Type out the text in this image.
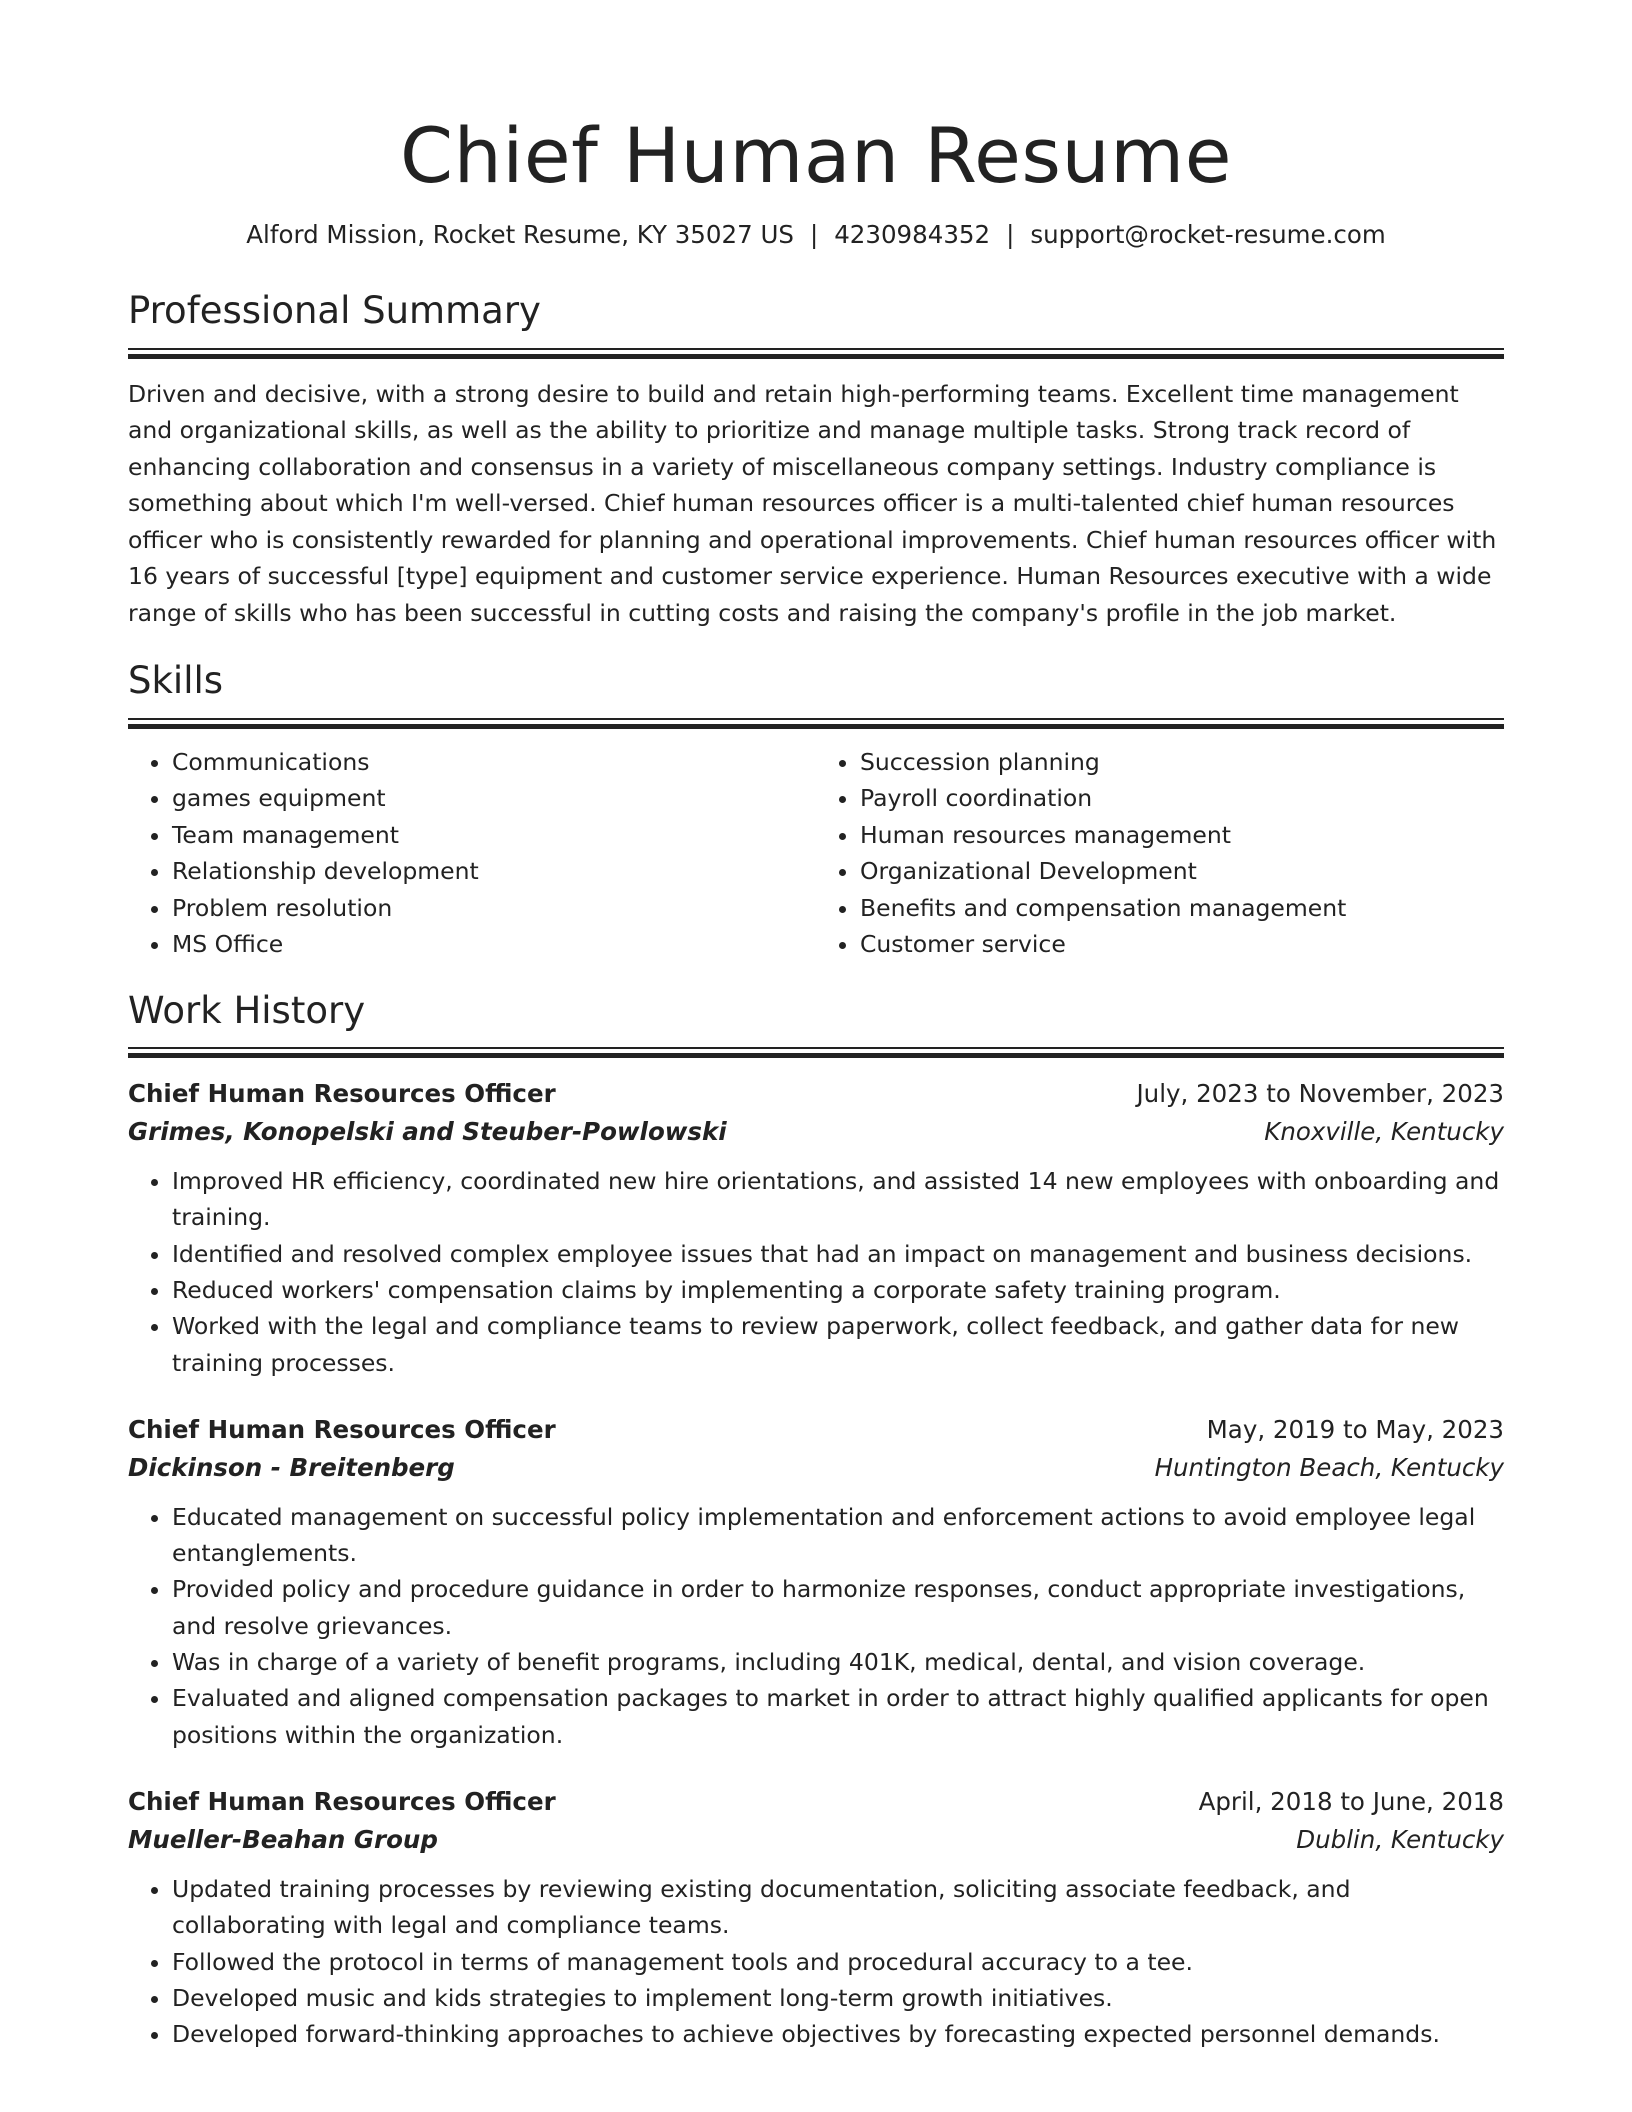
Chief Human Resume
Alford Mission, Rocket Resume, KY 35027 US | 4230984352 | support@rocket-resume.com
Professional Summary

Driven and decisive, with a strong desire to build and retain high-performing teams. Excellent time management and organizational skills, as well as the ability to prioritize and manage multiple tasks. Strong track record of enhancing collaboration and consensus in a variety of miscellaneous company settings. Industry compliance is something about which I'm well-versed. Chief human resources officer is a multi-talented chief human resources officer who is consistently rewarded for planning and operational improvements. Chief human resources officer with 16 years of successful [type] equipment and customer service experience. Human Resources executive with a wide range of skills who has been successful in cutting costs and raising the company's profile in the job market.

Skills
• Communications
• games equipment
• Team management
• Relationship development
• Problem resolution
• MS Office
• Succession planning
• Payroll coordination
• Human resources management
• Organizational Development
• Benefits and compensation management
• Customer service
Work History
Chief Human Resources Officer	July, 2023 to November, 2023
Grimes, Konopelski and Steuber-Powlowski	Knoxville, Kentucky
• Improved HR efficiency, coordinated new hire orientations, and assisted 14 new employees with onboarding and training.
• Identified and resolved complex employee issues that had an impact on management and business decisions.
• Reduced workers' compensation claims by implementing a corporate safety training program.
• Worked with the legal and compliance teams to review paperwork, collect feedback, and gather data for new training processes.
Chief Human Resources Officer	May, 2019 to May, 2023
Dickinson - Breitenberg	Huntington Beach, Kentucky
• Educated management on successful policy implementation and enforcement actions to avoid employee legal entanglements.
• Provided policy and procedure guidance in order to harmonize responses, conduct appropriate investigations, and resolve grievances.
• Was in charge of a variety of benefit programs, including 401K, medical, dental, and vision coverage.
• Evaluated and aligned compensation packages to market in order to attract highly qualified applicants for open positions within the organization.
Chief Human Resources Officer	April, 2018 to June, 2018
Mueller-Beahan Group	Dublin, Kentucky
• Updated training processes by reviewing existing documentation, soliciting associate feedback, and collaborating with legal and compliance teams.
• Followed the protocol in terms of management tools and procedural accuracy to a tee.
• Developed music and kids strategies to implement long-term growth initiatives.
• Developed forward-thinking approaches to achieve objectives by forecasting expected personnel demands.
